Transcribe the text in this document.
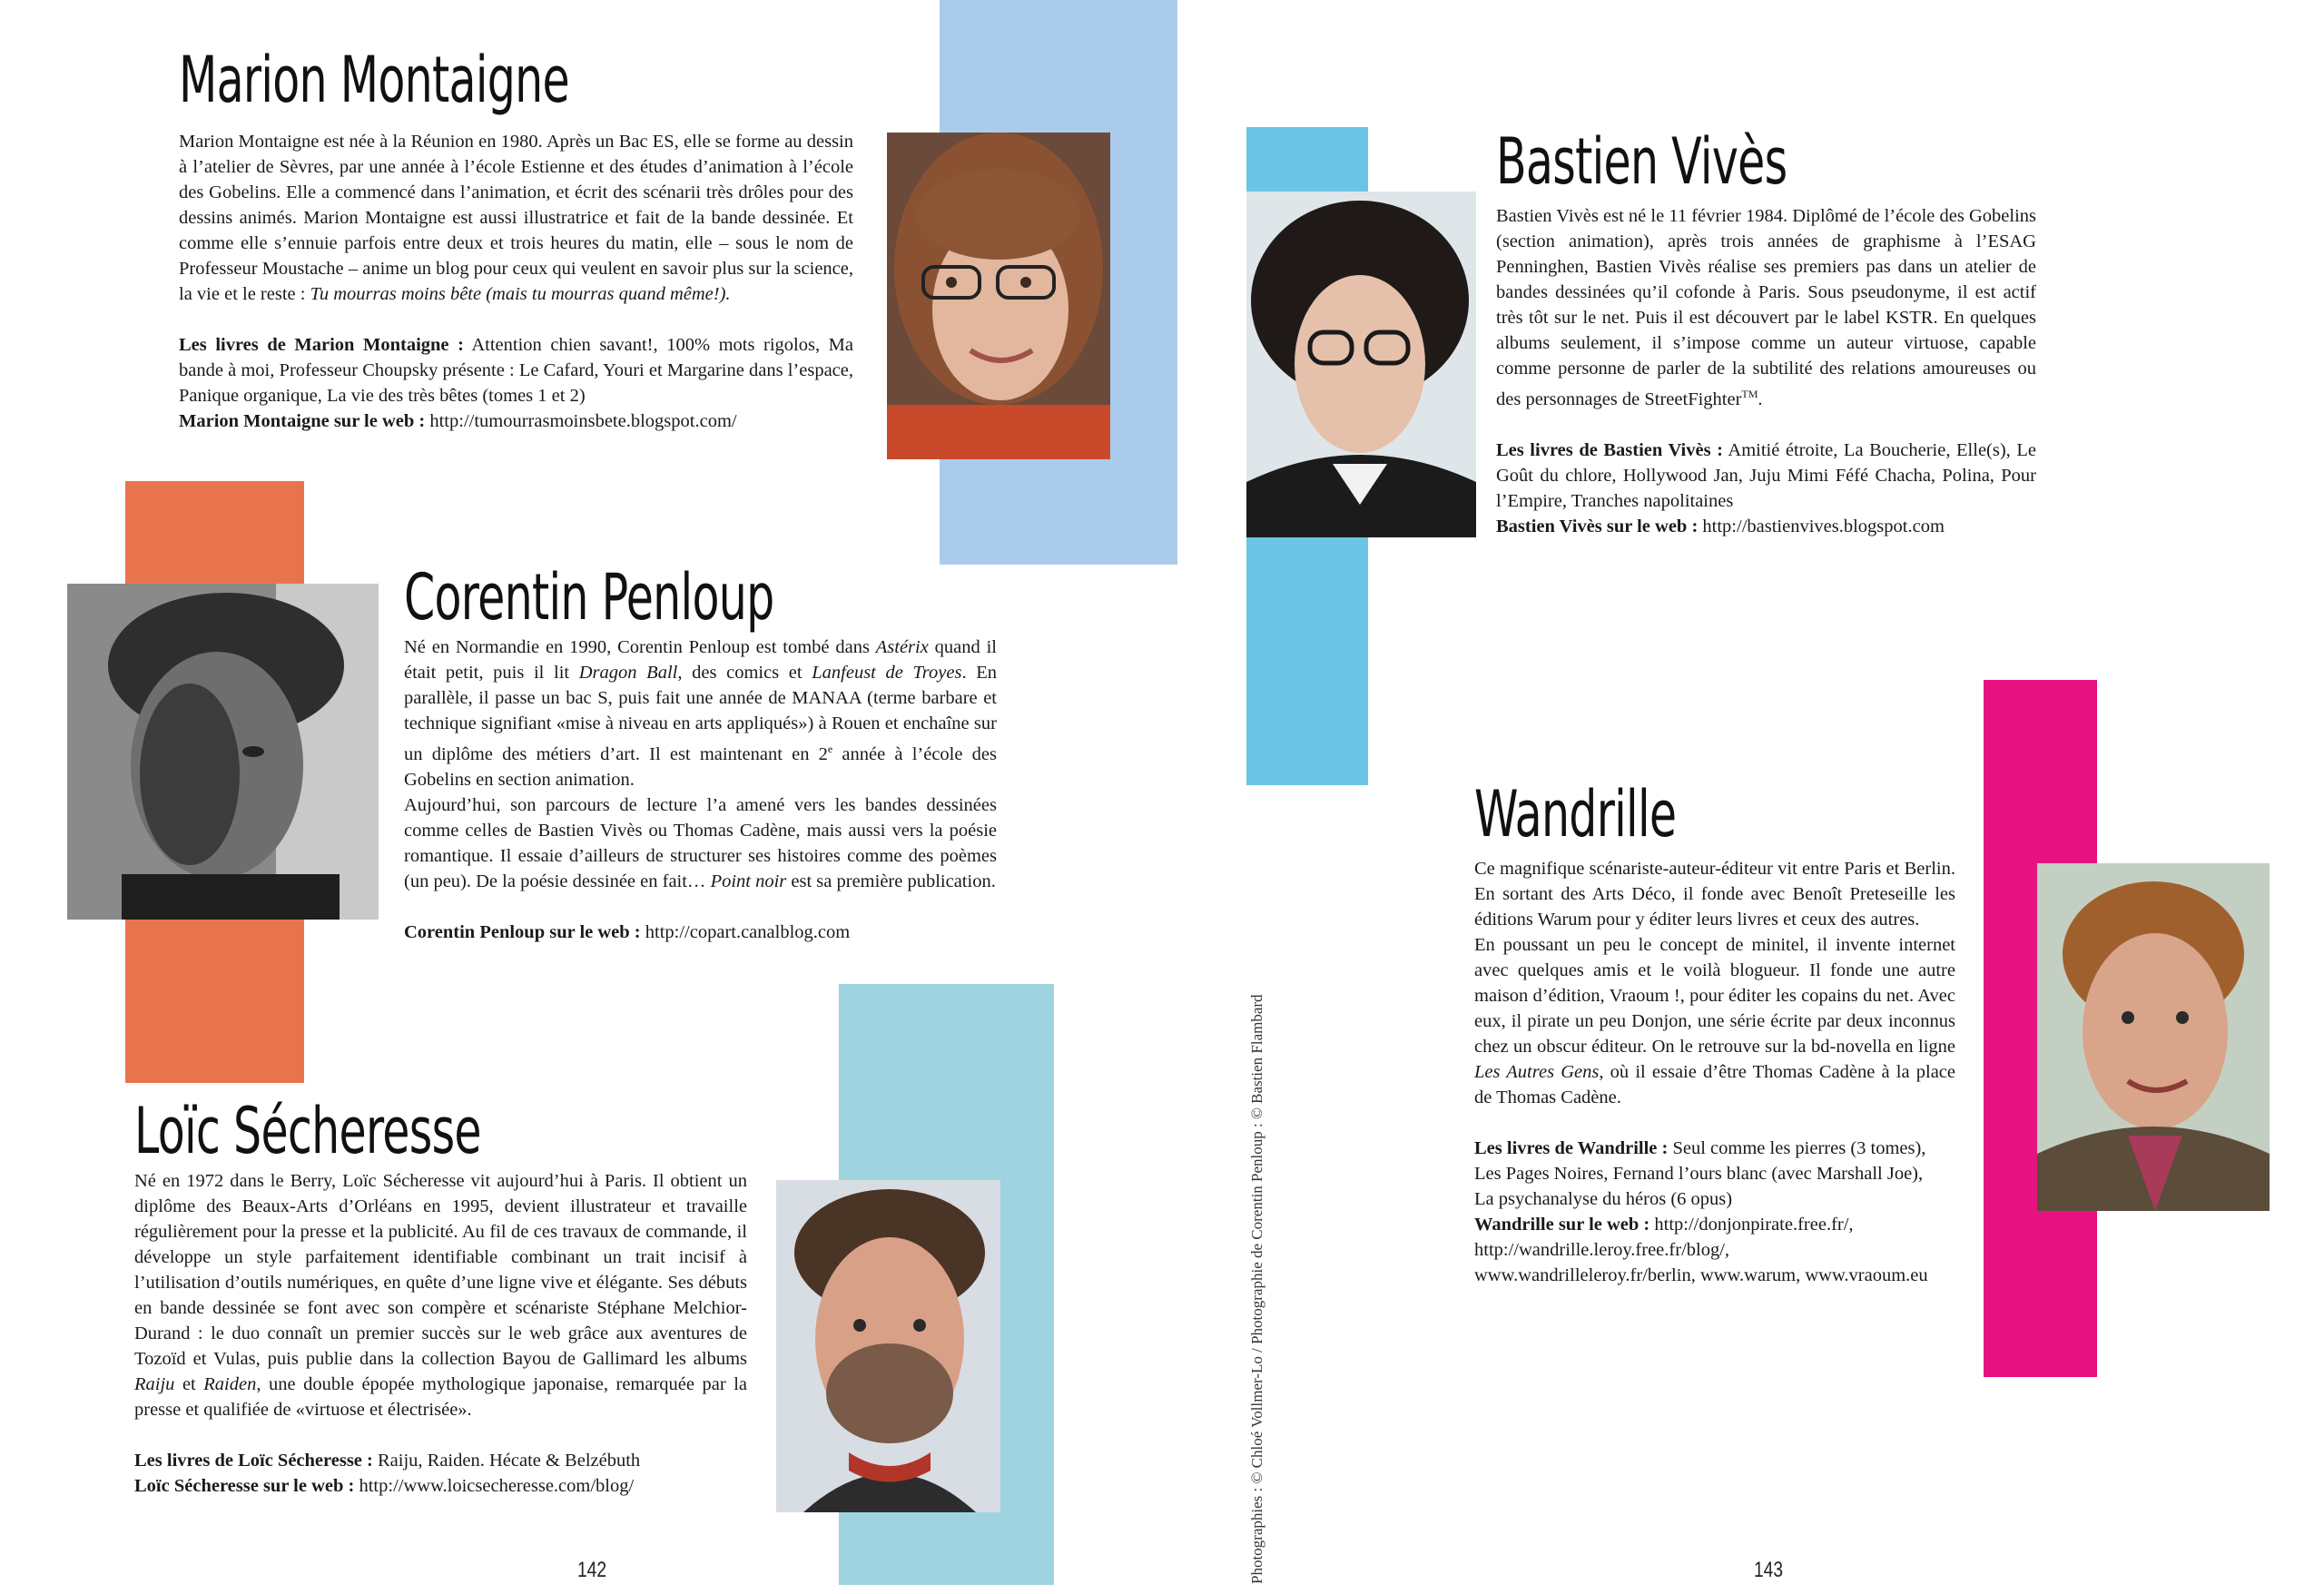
Marion Montaigne

Marion Montaigne est née à la Réunion en 1980. Après un Bac ES, elle se forme au dessin à l’atelier de Sèvres, par une année à l’école Estienne et des études d’animation à l’école des Gobelins. Elle a commencé dans l’animation, et écrit des scénarii très drôles pour des dessins animés. Marion Montaigne est aussi illustratrice et fait de la bande dessinée. Et comme elle s’ennuie parfois entre deux et trois heures du matin, elle – sous le nom de Professeur Moustache – anime un blog pour ceux qui veulent en savoir plus sur la science, la vie et le reste : Tu mourras moins bête (mais tu mourras quand même!).

Les livres de Marion Montaigne : Attention chien savant!, 100% mots rigolos, Ma bande à moi, Professeur Choupsky présente : Le Cafard, Youri et Margarine dans l’espace, Panique organique, La vie des très bêtes (tomes 1 et 2)

Marion Montaigne sur le web : http://tumourrasmoinsbete.blogspot.com/

Corentin Penloup

Né en Normandie en 1990, Corentin Penloup est tombé dans Astérix quand il était petit, puis il lit Dragon Ball, des comics et Lanfeust de Troyes. En parallèle, il passe un bac S, puis fait une année de MANAA (terme barbare et technique signifiant «mise à niveau en arts appliqués») à Rouen et enchaîne sur un diplôme des métiers d’art. Il est maintenant en 2e année à l’école des Gobelins en section animation.

Aujourd’hui, son parcours de lecture l’a amené vers les bandes dessinées comme celles de Bastien Vivès ou Thomas Cadène, mais aussi vers la poésie romantique. Il essaie d’ailleurs de structurer ses histoires comme des poèmes (un peu). De la poésie dessinée en fait… Point noir est sa première publication.

Corentin Penloup sur le web : http://copart.canalblog.com

Loïc Sécheresse

Né en 1972 dans le Berry, Loïc Sécheresse vit aujourd’hui à Paris. Il obtient un diplôme des Beaux-Arts d’Orléans en 1995, devient illustrateur et travaille régulièrement pour la presse et la publicité. Au fil de ces travaux de commande, il développe un style parfaitement identifiable combinant un trait incisif à l’utilisation d’outils numériques, en quête d’une ligne vive et élégante. Ses débuts en bande dessinée se font avec son compère et scénariste Stéphane Melchior-Durand : le duo connaît un premier succès sur le web grâce aux aventures de Tozoïd et Vulas, puis publie dans la collection Bayou de Gallimard les albums Raiju et Raiden, une double épopée mythologique japonaise, remarquée par la presse et qualifiée de «virtuose et électrisée».

Les livres de Loïc Sécheresse : Raiju, Raiden. Hécate & Belzébuth

Loïc Sécheresse sur le web : http://www.loicsecheresse.com/blog/

Bastien Vivès

Bastien Vivès est né le 11 février 1984. Diplômé de l’école des Gobelins (section animation), après trois années de graphisme à l’ESAG Penninghen, Bastien Vivès réalise ses premiers pas dans un atelier de bandes dessinées qu’il cofonde à Paris. Sous pseudonyme, il est actif très tôt sur le net. Puis il est découvert par le label KSTR. En quelques albums seulement, il s’impose comme un auteur virtuose, capable comme personne de parler de la subtilité des relations amoureuses ou des personnages de StreetFighter™.

Les livres de Bastien Vivès : Amitié étroite, La Boucherie, Elle(s), Le Goût du chlore, Hollywood Jan, Juju Mimi Féfé Chacha, Polina, Pour l’Empire, Tranches napolitaines

Bastien Vivès sur le web : http://bastienvives.blogspot.com

Wandrille

Ce magnifique scénariste-auteur-éditeur vit entre Paris et Berlin. En sortant des Arts Déco, il fonde avec Benoît Preteseille les éditions Warum pour y éditer leurs livres et ceux des autres.

En poussant un peu le concept de minitel, il invente internet avec quelques amis et le voilà blogueur. Il fonde une autre maison d’édition, Vraoum !, pour éditer les copains du net. Avec eux, il pirate un peu Donjon, une série écrite par deux inconnus chez un obscur éditeur. On le retrouve sur la bd-novella en ligne Les Autres Gens, où il essaie d’être Thomas Cadène à la place de Thomas Cadène.

Les livres de Wandrille : Seul comme les pierres (3 tomes),
Les Pages Noires, Fernand l’ours blanc (avec Marshall Joe),
La psychanalyse du héros (6 opus)

Wandrille sur le web : http://donjonpirate.free.fr/,
http://wandrille.leroy.free.fr/blog/,
www.wandrilleleroy.fr/berlin, www.warum, www.vraoum.eu

Photographies : © Chloé Vollmer-Lo / Photographie de Corentin Penloup : © Bastien Flambard
142	143
